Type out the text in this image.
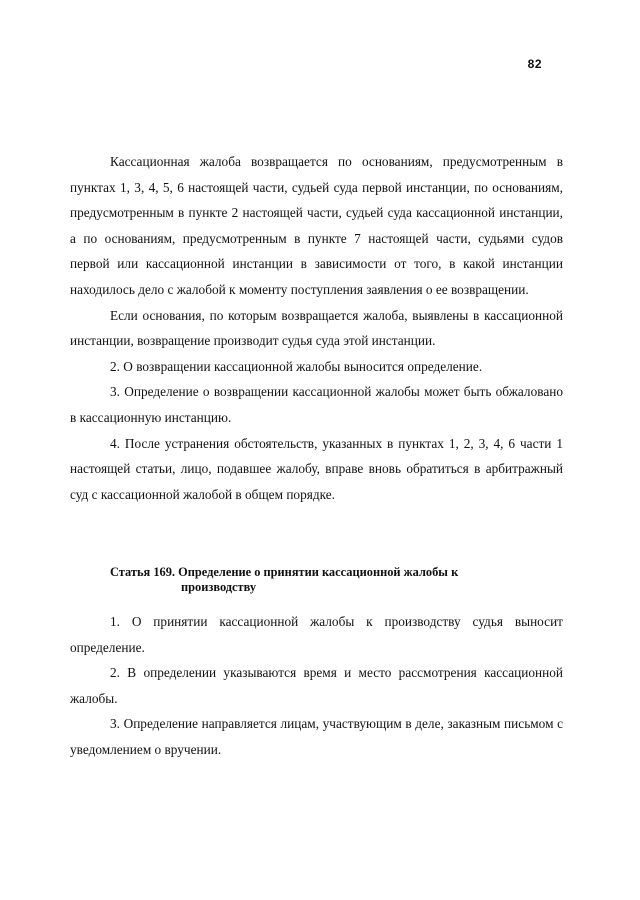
82

Кассационная жалоба возвращается по основаниям, предусмотренным в пунктах 1, 3, 4, 5, 6 настоящей части, судьей суда первой инстанции, по основаниям, предусмотренным в пункте 2 настоящей части, судьей суда кассационной инстанции, а по основаниям, предусмотренным в пункте 7 настоящей части, судьями судов первой или кассационной инстанции в зависимости от того, в какой инстанции находилось дело с жалобой к моменту поступления заявления о ее возвращении.

Если основания, по которым возвращается жалоба, выявлены в кассационной инстанции, возвращение производит судья суда этой инстанции.

2. О возвращении кассационной жалобы выносится определение.

3. Определение о возвращении кассационной жалобы может быть обжаловано в кассационную инстанцию.

4. После устранения обстоятельств, указанных в пунктах 1, 2, 3, 4, 6 части 1 настоящей статьи, лицо, подавшее жалобу, вправе вновь обратиться в арбитражный суд с кассационной жалобой в общем порядке.

Статья 169. Определение о принятии кассационной жалобы к
производству

1. О принятии кассационной жалобы к производству судья выносит определение.

2. В определении указываются время и место рассмотрения кассационной жалобы.

3. Определение направляется лицам, участвующим в деле, заказным письмом с уведомлением о вручении.
